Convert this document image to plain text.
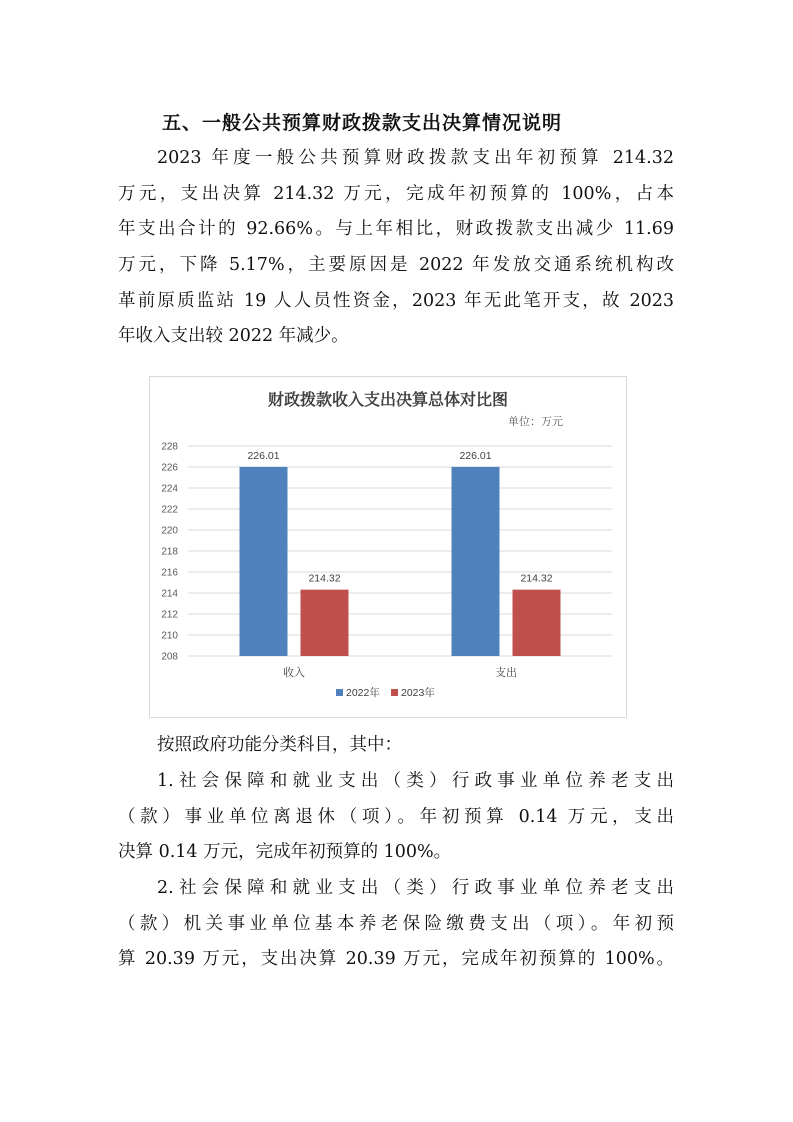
五、一般公共预算财政拨款支出决算情况说明
2023 年度一般公共预算财政拨款支出年初预算 214.32
万元，支出决算 214.32 万元，完成年初预算的 100%，占本
年支出合计的 92.66%。与上年相比，财政拨款支出减少 11.69
万元，下降 5.17%，主要原因是 2022 年发放交通系统机构改
革前原质监站 19 人人员性资金，2023 年无此笔开支，故 2023
年收入支出较 2022 年减少。
财政拨款收入支出决算总体对比图
单位：万元
208
210
212
214
216
218
220
222
224
226
228
226.01
214.32
收入
226.01
214.32
支出
2022年 2023年
按照政府功能分类科目，其中：
1.社会保障和就业支出（类）行政事业单位养老支出
（款）事业单位离退休（项）。年初预算 0.14 万元，支出
决算 0.14 万元，完成年初预算的 100%。
2.社会保障和就业支出（类）行政事业单位养老支出
（款）机关事业单位基本养老保险缴费支出（项）。年初预
算 20.39 万元，支出决算 20.39 万元，完成年初预算的 100%。
